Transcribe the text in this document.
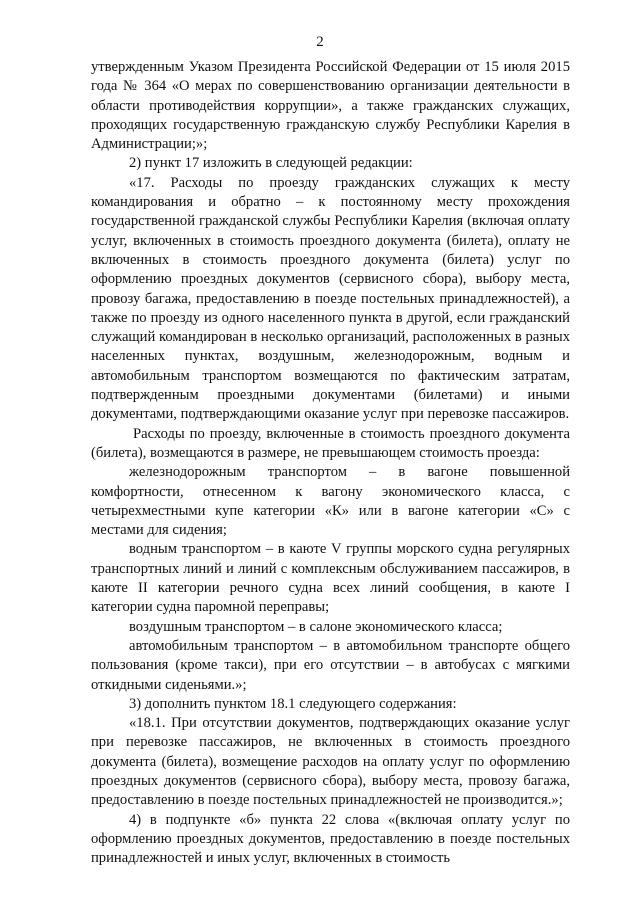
2

утвержденным Указом Президента Российской Федерации от 15 июля 2015 года № 364 «О мерах по совершенствованию организации деятельности в области противодействия коррупции», а также гражданских служащих, проходящих государственную гражданскую службу Республики Карелия в Администрации;»;

2) пункт 17 изложить в следующей редакции:

«17. Расходы по проезду гражданских служащих к месту командирования и обратно – к постоянному месту прохождения государственной гражданской службы Республики Карелия (включая оплату услуг, включенных в стоимость проездного документа (билета), оплату не включенных в стоимость проездного документа (билета) услуг по оформлению проездных документов (сервисного сбора), выбору места, провозу багажа, предоставлению в поезде постельных принадлежностей), а также по проезду из одного населенного пункта в другой, если гражданский служащий командирован в несколько организаций, расположенных в разных населенных пунктах, воздушным, железнодорожным, водным и автомобильным транспортом возмещаются по фактическим затратам, подтвержденным проездными документами (билетами) и иными документами, подтверждающими оказание услуг при перевозке пассажиров.

Расходы по проезду, включенные в стоимость проездного документа (билета), возмещаются в размере, не превышающем стоимость проезда:

железнодорожным транспортом – в вагоне повышенной комфортности, отнесенном к вагону экономического класса, с четырехместными купе категории «К» или в вагоне категории «С» с местами для сидения;

водным транспортом – в каюте V группы морского судна регулярных транспортных линий и линий с комплексным обслуживанием пассажиров, в каюте II категории речного судна всех линий сообщения, в каюте I категории судна паромной переправы;

воздушным транспортом – в салоне экономического класса;

автомобильным транспортом – в автомобильном транспорте общего пользования (кроме такси), при его отсутствии – в автобусах с мягкими откидными сиденьями.»;

3) дополнить пунктом 18.1 следующего содержания:

«18.1. При отсутствии документов, подтверждающих оказание услуг при перевозке пассажиров, не включенных в стоимость проездного документа (билета), возмещение расходов на оплату услуг по оформлению проездных документов (сервисного сбора), выбору места, провозу багажа, предоставлению в поезде постельных принадлежностей не производится.»;

4) в подпункте «б» пункта 22 слова «(включая оплату услуг по оформлению проездных документов, предоставлению в поезде постельных принадлежностей и иных услуг, включенных в стоимость
